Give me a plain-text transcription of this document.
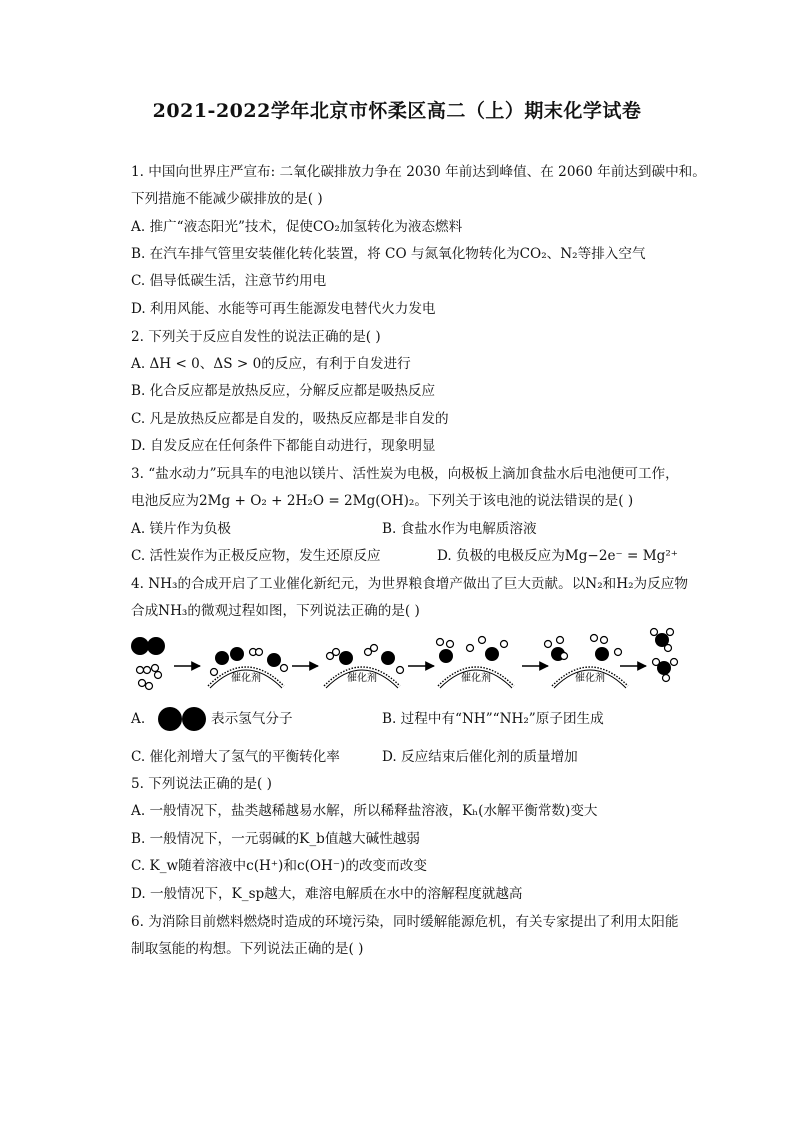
2021-2022学年北京市怀柔区高二（上）期末化学试卷
1. 中国向世界庄严宣布: 二氧化碳排放力争在 2030 年前达到峰值、在 2060 年前达到碳中和。
下列措施不能减少碳排放的是( )
A. 推广“液态阳光”技术，促使CO₂加氢转化为液态燃料
B. 在汽车排气管里安装催化转化装置，将 CO 与氮氧化物转化为CO₂、N₂等排入空气
C. 倡导低碳生活，注意节约用电
D. 利用风能、水能等可再生能源发电替代火力发电
2. 下列关于反应自发性的说法正确的是( )
A. ΔH < 0、ΔS > 0的反应，有利于自发进行
B. 化合反应都是放热反应，分解反应都是吸热反应
C. 凡是放热反应都是自发的，吸热反应都是非自发的
D. 自发反应在任何条件下都能自动进行，现象明显
3. “盐水动力”玩具车的电池以镁片、活性炭为电极，向极板上滴加食盐水后电池便可工作，
电池反应为2Mg + O₂ + 2H₂O = 2Mg(OH)₂。下列关于该电池的说法错误的是( )
A. 镁片作为负极	B. 食盐水作为电解质溶液
C. 活性炭作为正极反应物，发生还原反应	D. 负极的电极反应为Mg−2e⁻ = Mg²⁺
4. NH₃的合成开启了工业催化新纪元，为世界粮食增产做出了巨大贡献。以N₂和H₂为反应物
合成NH₃的微观过程如图，下列说法正确的是( )
催化剂	催化剂	催化剂	催化剂
A.	表示氢气分子	B. 过程中有“NH”“NH₂”原子团生成
C. 催化剂增大了氢气的平衡转化率	D. 反应结束后催化剂的质量增加
5. 下列说法正确的是( )
A. 一般情况下，盐类越稀越易水解，所以稀释盐溶液，Kₕ(水解平衡常数)变大
B. 一般情况下，一元弱碱的K_b值越大碱性越弱
C. K_w随着溶液中c(H⁺)和c(OH⁻)的改变而改变
D. 一般情况下，K_sp越大，难溶电解质在水中的溶解程度就越高
6. 为消除目前燃料燃烧时造成的环境污染，同时缓解能源危机，有关专家提出了利用太阳能
制取氢能的构想。下列说法正确的是( )
